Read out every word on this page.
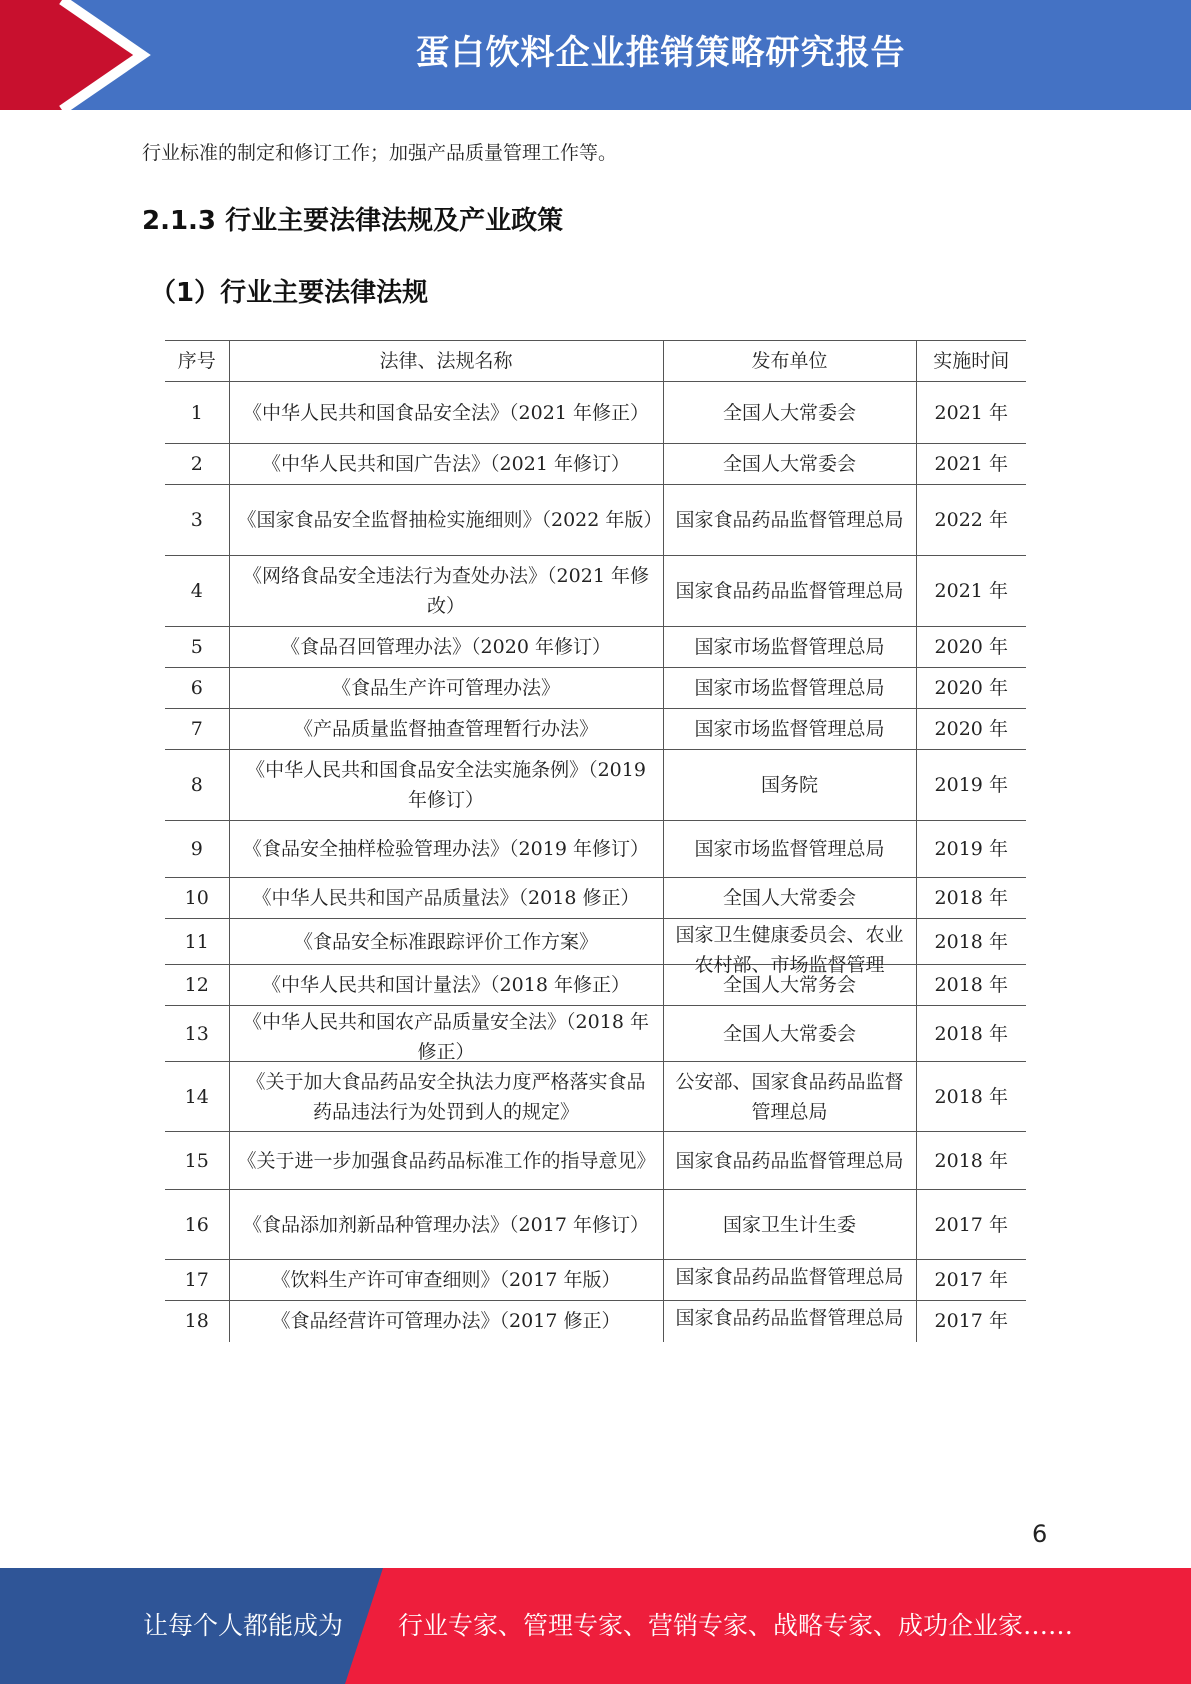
蛋白饮料企业推销策略研究报告
行业标准的制定和修订工作；加强产品质量管理工作等。
2.1.3 行业主要法律法规及产业政策
（1）行业主要法律法规
序号	法律、法规名称	发布单位	实施时间
1	《中华人民共和国食品安全法》（2021 年修正）	全国人大常委会	2021 年
2	《中华人民共和国广告法》（2021 年修订）	全国人大常委会	2021 年
3	《国家食品安全监督抽检实施细则》（2022 年版）	国家食品药品监督管理总局	2022 年
4	《网络食品安全违法行为查处办法》（2021 年修改）	国家食品药品监督管理总局	2021 年
5	《食品召回管理办法》（2020 年修订）	国家市场监督管理总局	2020 年
6	《食品生产许可管理办法》	国家市场监督管理总局	2020 年
7	《产品质量监督抽查管理暂行办法》	国家市场监督管理总局	2020 年
8	《中华人民共和国食品安全法实施条例》（2019 年修订）	国务院	2019 年
9	《食品安全抽样检验管理办法》（2019 年修订）	国家市场监督管理总局	2019 年
10	《中华人民共和国产品质量法》（2018 修正）	全国人大常委会	2018 年
11	《食品安全标准跟踪评价工作方案》	国家卫生健康委员会、农业农村部、市场监督管理	2018 年
12	《中华人民共和国计量法》（2018 年修正）	全国人大常务会	2018 年
13	《中华人民共和国农产品质量安全法》（2018 年修正）	全国人大常委会	2018 年
14	《关于加大食品药品安全执法力度严格落实食品药品违法行为处罚到人的规定》	公安部、国家食品药品监督管理总局	2018 年
15	《关于进一步加强食品药品标准工作的指导意见》	国家食品药品监督管理总局	2018 年
16	《食品添加剂新品种管理办法》（2017 年修订）	国家卫生计生委	2017 年
17	《饮料生产许可审查细则》（2017 年版）	国家食品药品监督管理总局	2017 年
18	《食品经营许可管理办法》（2017 修正）	国家食品药品监督管理总局	2017 年
6
让每个人都能成为 行业专家、管理专家、营销专家、战略专家、成功企业家……
